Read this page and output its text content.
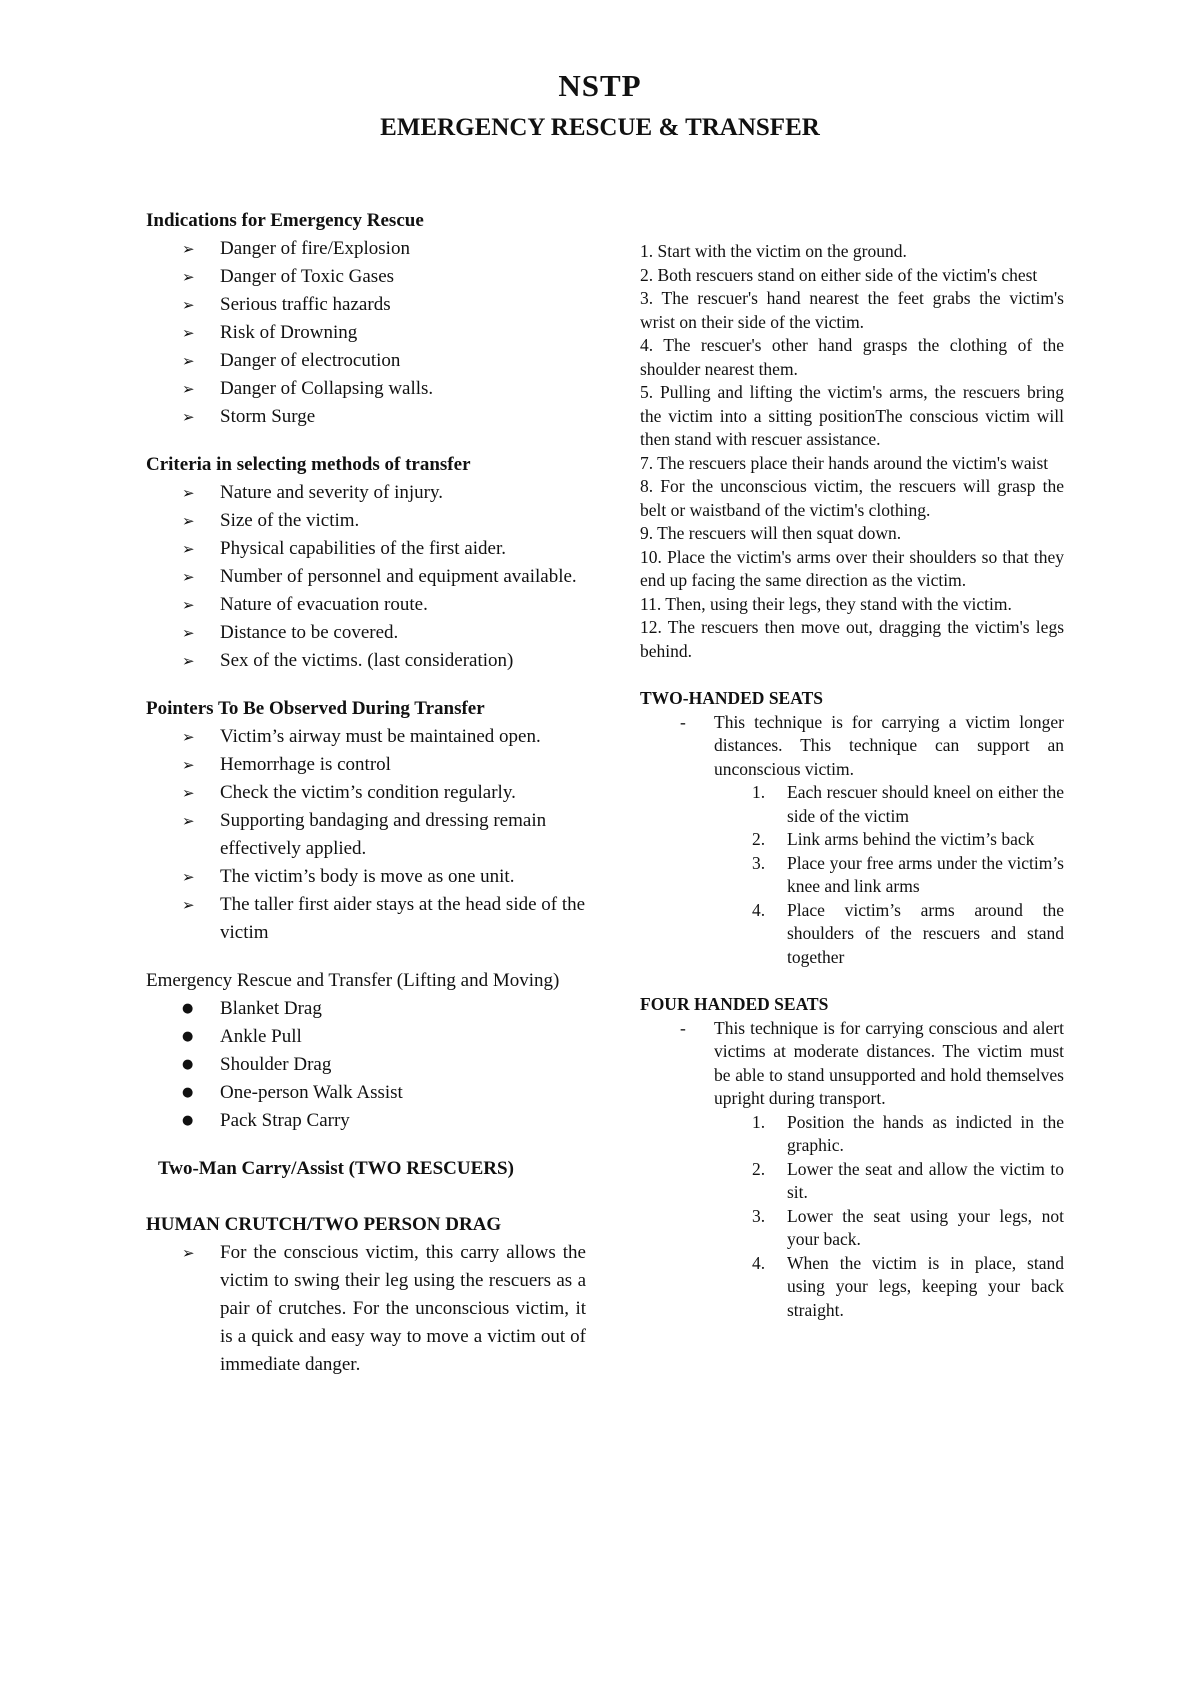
NSTP
EMERGENCY RESCUE & TRANSFER

Indications for Emergency Rescue

➢ Danger of fire/Explosion
➢ Danger of Toxic Gases
➢ Serious traffic hazards
➢ Risk of Drowning
➢ Danger of electrocution
➢ Danger of Collapsing walls.
➢ Storm Surge

Criteria in selecting methods of transfer

➢ Nature and severity of injury.
➢ Size of the victim.
➢ Physical capabilities of the first aider.
➢ Number of personnel and equipment available.
➢ Nature of evacuation route.
➢ Distance to be covered.
➢ Sex of the victims. (last consideration)

Pointers To Be Observed During Transfer

➢ Victim’s airway must be maintained open.
➢ Hemorrhage is control
➢ Check the victim’s condition regularly.
➢ Supporting bandaging and dressing remain effectively applied.
➢ The victim’s body is move as one unit.
➢ The taller first aider stays at the head side of the victim

Emergency Rescue and Transfer (Lifting and Moving)

● Blanket Drag
● Ankle Pull
● Shoulder Drag
● One-person Walk Assist
● Pack Strap Carry

Two-Man Carry/Assist (TWO RESCUERS)

HUMAN CRUTCH/TWO PERSON DRAG

➢ For the conscious victim, this carry allows the victim to swing their leg using the rescuers as a pair of crutches. For the unconscious victim, it is a quick and easy way to move a victim out of immediate danger.

1. Start with the victim on the ground.

2. Both rescuers stand on either side of the victim's chest

3. The rescuer's hand nearest the feet grabs the victim's wrist on their side of the victim.

4. The rescuer's other hand grasps the clothing of the shoulder nearest them.

5. Pulling and lifting the victim's arms, the rescuers bring the victim into a sitting positionThe conscious victim will then stand with rescuer assistance.

7. The rescuers place their hands around the victim's waist

8. For the unconscious victim, the rescuers will grasp the belt or waistband of the victim's clothing.

9. The rescuers will then squat down.

10. Place the victim's arms over their shoulders so that they end up facing the same direction as the victim.

11. Then, using their legs, they stand with the victim.

12. The rescuers then move out, dragging the victim's legs behind.

TWO-HANDED SEATS

- This technique is for carrying a victim longer distances. This technique can support an unconscious victim.
1. Each rescuer should kneel on either the side of the victim
2. Link arms behind the victim’s back
3. Place your free arms under the victim’s knee and link arms
4. Place victim’s arms around the shoulders of the rescuers and stand together

FOUR HANDED SEATS

- This technique is for carrying conscious and alert victims at moderate distances. The victim must be able to stand unsupported and hold themselves upright during transport.
1. Position the hands as indicted in the graphic.
2. Lower the seat and allow the victim to sit.
3. Lower the seat using your legs, not your back.
4. When the victim is in place, stand using your legs, keeping your back straight.
